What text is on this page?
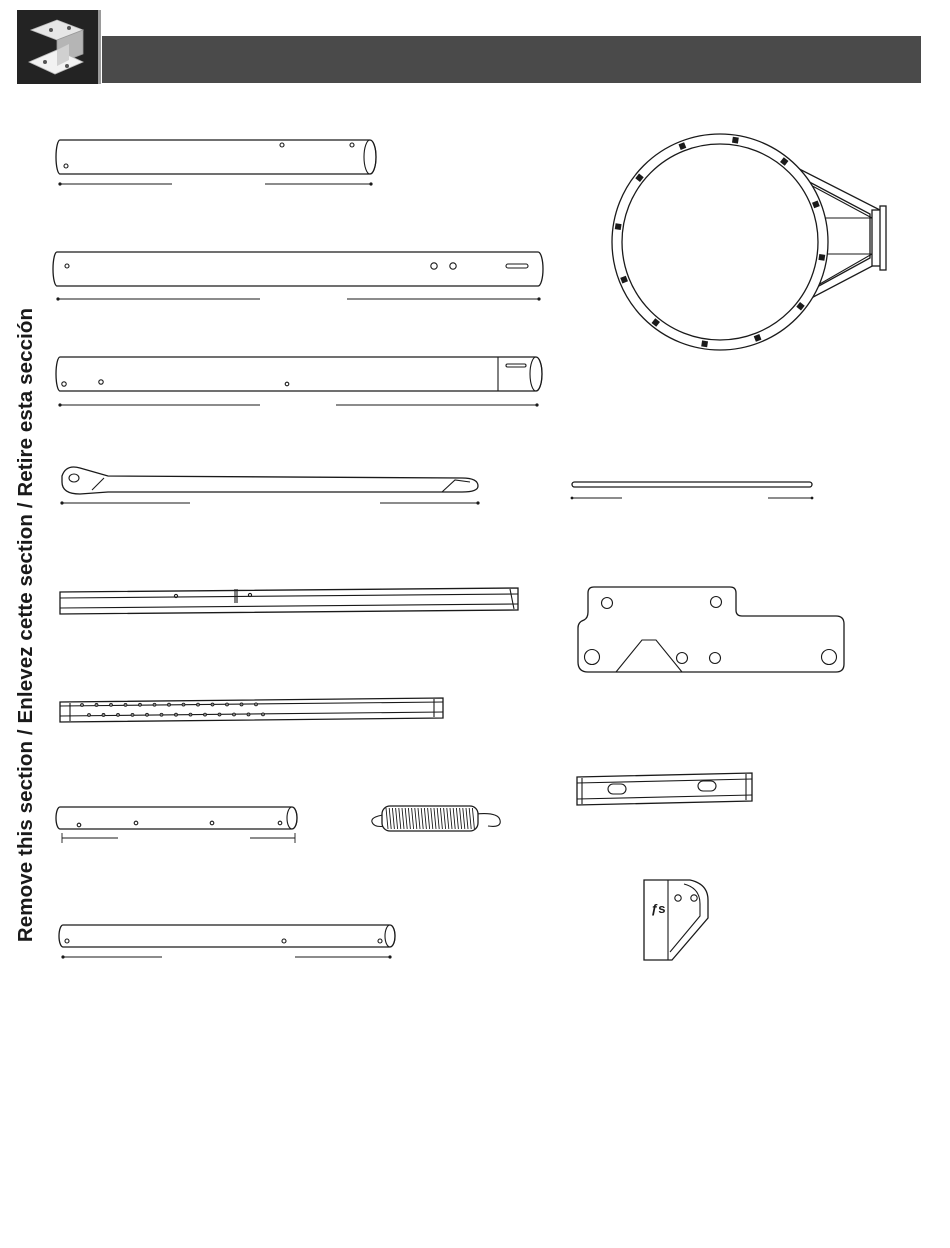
Remove this section / Enlevez cette section / Retire esta sección	ƒs
